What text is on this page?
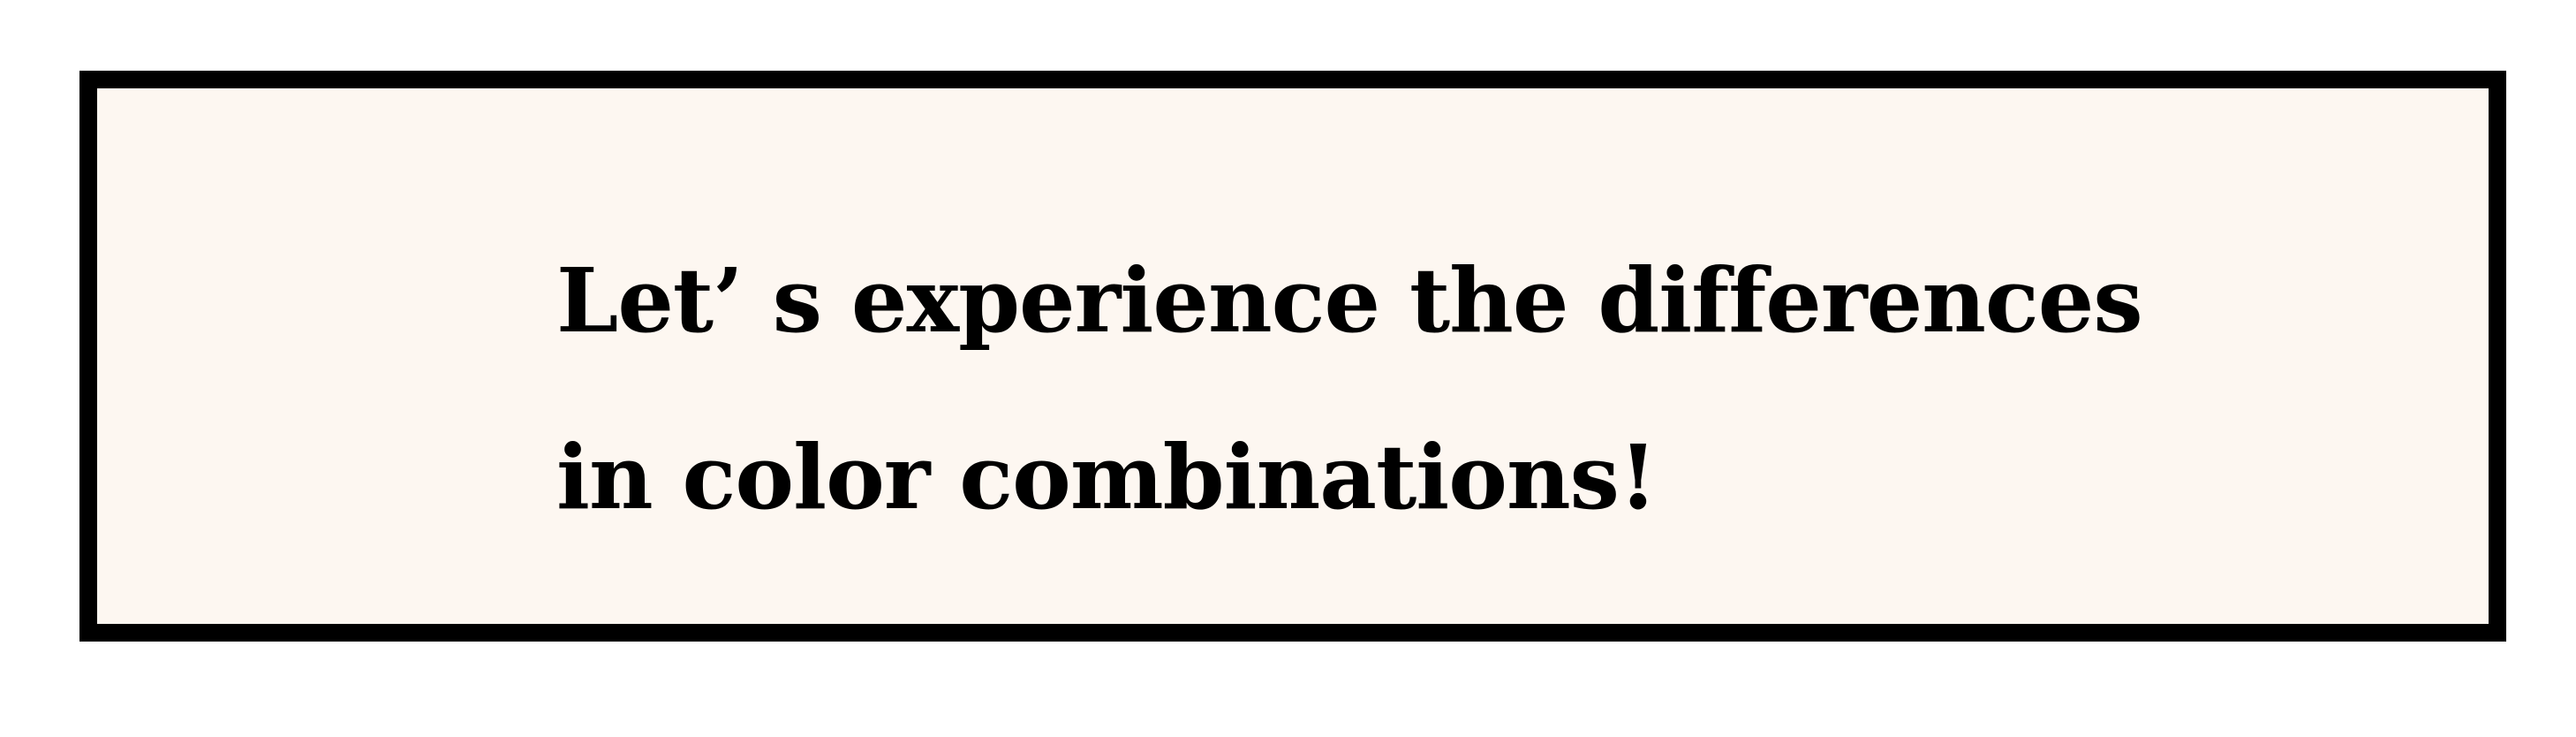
Let’ s experience the differences
in color combinations!
